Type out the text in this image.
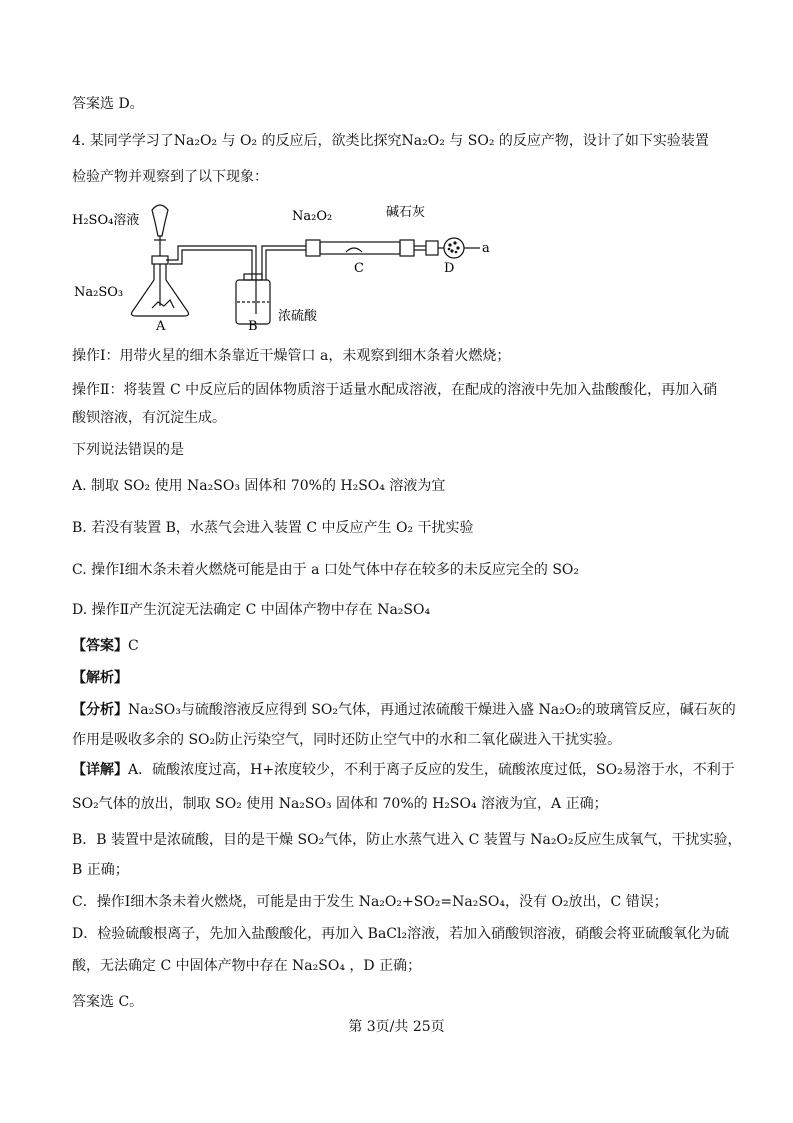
答案选 D。
4. 某同学学习了Na₂O₂ 与 O₂ 的反应后，欲类比探究Na₂O₂ 与 SO₂ 的反应产物，设计了如下实验装置
检验产物并观察到了以下现象：
H₂SO₄溶液
Na₂SO₃
Na₂O₂	碱石灰
A	B
C	D
a
浓硫酸
操作Ⅰ：用带火星的细木条靠近干燥管口 a，未观察到细木条着火燃烧；
操作Ⅱ：将装置 C 中反应后的固体物质溶于适量水配成溶液，在配成的溶液中先加入盐酸酸化，再加入硝
酸钡溶液，有沉淀生成。
下列说法错误的是
A. 制取 SO₂ 使用 Na₂SO₃ 固体和 70%的 H₂SO₄ 溶液为宜
B. 若没有装置 B，水蒸气会进入装置 C 中反应产生 O₂ 干扰实验
C. 操作Ⅰ细木条未着火燃烧可能是由于 a 口处气体中存在较多的未反应完全的 SO₂
D. 操作Ⅱ产生沉淀无法确定 C 中固体产物中存在 Na₂SO₄
【答案】C
【解析】
【分析】Na₂SO₃与硫酸溶液反应得到 SO₂气体，再通过浓硫酸干燥进入盛 Na₂O₂的玻璃管反应，碱石灰的
作用是吸收多余的 SO₂防止污染空气，同时还防止空气中的水和二氧化碳进入干扰实验。
【详解】A．硫酸浓度过高，H+浓度较少，不利于离子反应的发生，硫酸浓度过低，SO₂易溶于水，不利于
SO₂气体的放出，制取 SO₂ 使用 Na₂SO₃ 固体和 70%的 H₂SO₄ 溶液为宜，A 正确；
B．B 装置中是浓硫酸，目的是干燥 SO₂气体，防止水蒸气进入 C 装置与 Na₂O₂反应生成氧气，干扰实验，
B 正确；
C．操作Ⅰ细木条未着火燃烧，可能是由于发生 Na₂O₂+SO₂=Na₂SO₄，没有 O₂放出，C 错误；
D．检验硫酸根离子，先加入盐酸酸化，再加入 BaCl₂溶液，若加入硝酸钡溶液，硝酸会将亚硫酸氧化为硫
酸，无法确定 C 中固体产物中存在 Na₂SO₄ ，D 正确；
答案选 C。
第 3页/共 25页
